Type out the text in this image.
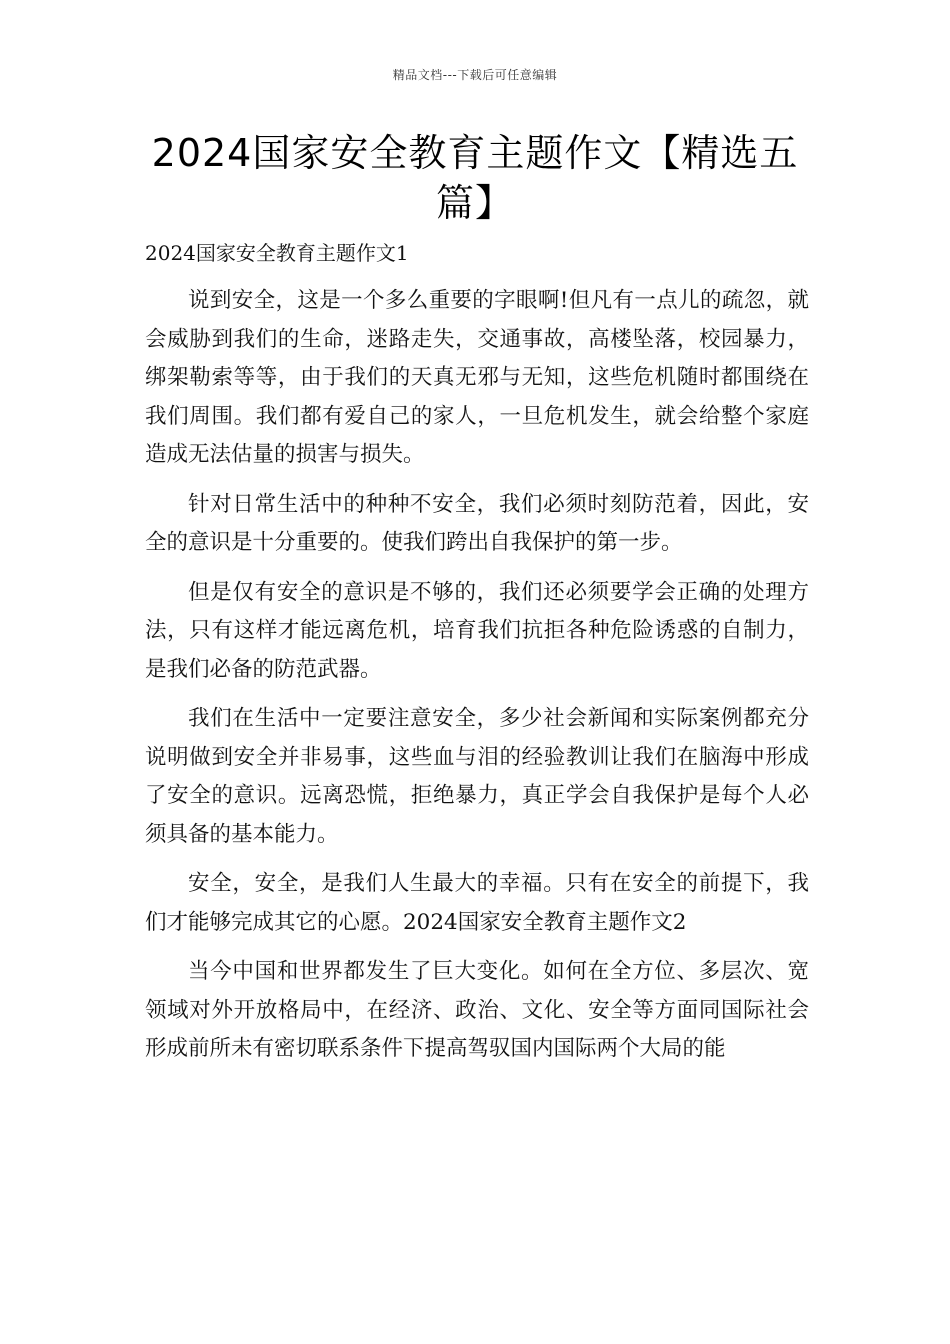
精品文档---下载后可任意编辑
2024国家安全教育主题作文【精选五篇】
2024国家安全教育主题作文1

说到安全，这是一个多么重要的字眼啊!但凡有一点儿的疏忽，就会威胁到我们的生命，迷路走失，交通事故，高楼坠落，校园暴力，绑架勒索等等，由于我们的天真无邪与无知，这些危机随时都围绕在我们周围。我们都有爱自己的家人，一旦危机发生，就会给整个家庭造成无法估量的损害与损失。

针对日常生活中的种种不安全，我们必须时刻防范着，因此，安全的意识是十分重要的。使我们跨出自我保护的第一步。

但是仅有安全的意识是不够的，我们还必须要学会正确的处理方法，只有这样才能远离危机，培育我们抗拒各种危险诱惑的自制力，是我们必备的防范武器。

我们在生活中一定要注意安全，多少社会新闻和实际案例都充分说明做到安全并非易事，这些血与泪的经验教训让我们在脑海中形成了安全的意识。远离恐慌，拒绝暴力，真正学会自我保护是每个人必须具备的基本能力。

安全，安全，是我们人生最大的幸福。只有在安全的前提下，我们才能够完成其它的心愿。2024国家安全教育主题作文2

当今中国和世界都发生了巨大变化。如何在全方位、多层次、宽领域对外开放格局中，在经济、政治、文化、安全等方面同国际社会形成前所未有密切联系条件下提高驾驭国内国际两个大局的能
